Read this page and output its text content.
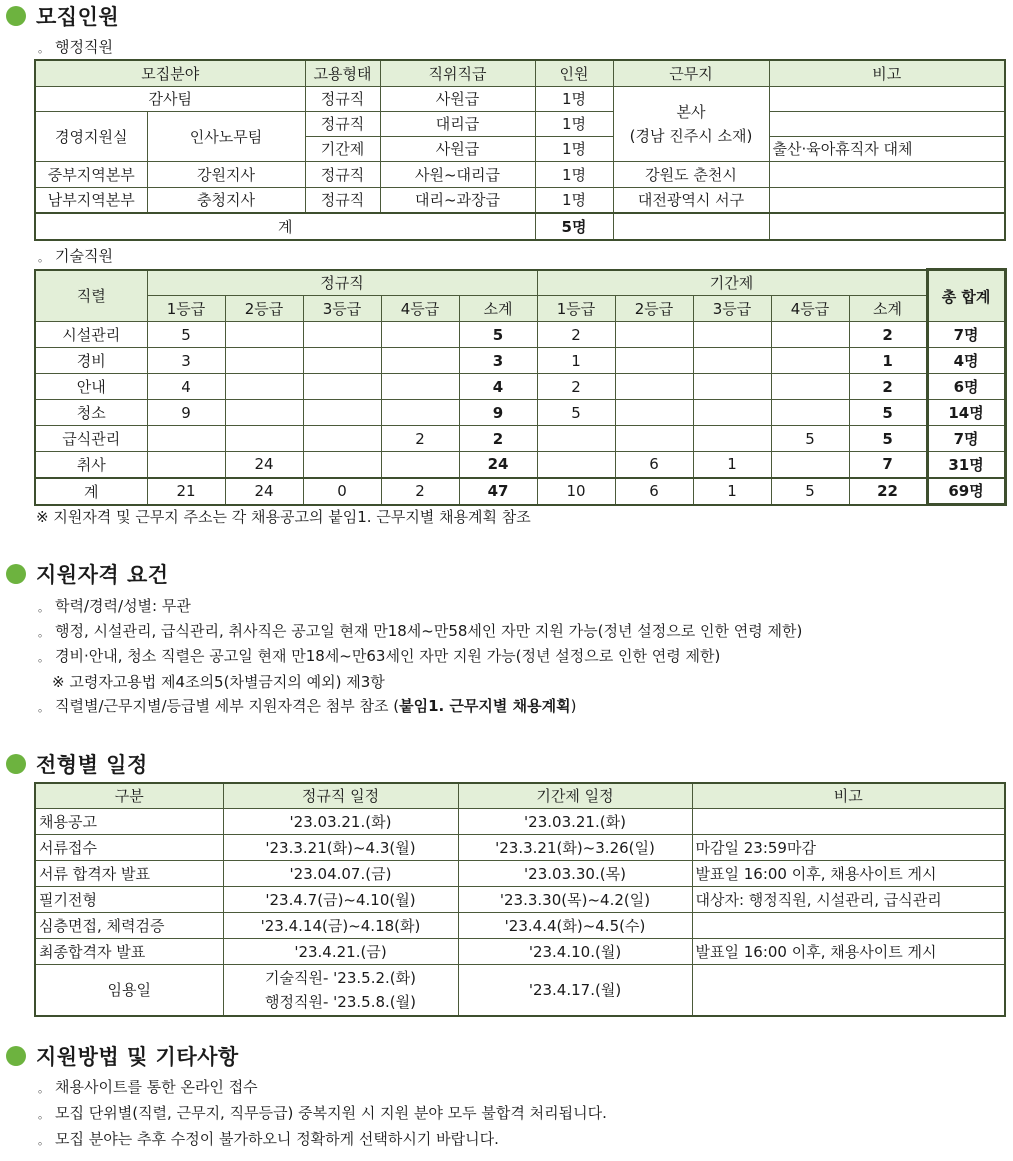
모집인원
。 행정직원
모집분야		고용형태	직위직급	인원	근무지	비고
감사팀		정규직	사원급	1명	본사
(경남 진주시 소재)	

경영지원실	인사노무팀	정규직	대리급	1명		
		기간제	사원급	1명		출산·육아휴직자 대체
중부지역본부	강원지사	정규직	사원~대리급	1명	강원도 춘천시	
남부지역본부	충청지사	정규직	대리~과장급	1명	대전광역시 서구	
계				5명		
。 기술직원
직렬	정규직					기간제					총 합계
	1등급	2등급	3등급	4등급	소계	1등급	2등급	3등급	4등급	소계	
시설관리	5				5	2				2	7명
경비	3				3	1				1	4명
안내	4				4	2				2	6명
청소	9				9	5				5	14명
급식관리				2	2				5	5	7명
취사		24			24		6	1		7	31명
계	21	24	0	2	47	10	6	1	5	22	69명
※ 지원자격 및 근무지 주소는 각 채용공고의 붙임1. 근무지별 채용계획 참조
지원자격 요건
。 학력/경력/성별: 무관
。 행정, 시설관리, 급식관리, 취사직은 공고일 현재 만18세~만58세인 자만 지원 가능(정년 설정으로 인한 연령 제한)
。 경비·안내, 청소 직렬은 공고일 현재 만18세~만63세인 자만 지원 가능(정년 설정으로 인한 연령 제한)
※ 고령자고용법 제4조의5(차별금지의 예외) 제3항
。 직렬별/근무지별/등급별 세부 지원자격은 첨부 참조 (붙임1. 근무지별 채용계획)
전형별 일정
구분	정규직 일정	기간제 일정	비고
채용공고	'23.03.21.(화)	'23.03.21.(화)	
서류접수	'23.3.21(화)~4.3(월)	'23.3.21(화)~3.26(일)	마감일 23:59마감
서류 합격자 발표	'23.04.07.(금)	'23.03.30.(목)	발표일 16:00 이후, 채용사이트 게시
필기전형	'23.4.7(금)~4.10(월)	'23.3.30(목)~4.2(일)	대상자: 행정직원, 시설관리, 급식관리
심층면접, 체력검증	'23.4.14(금)~4.18(화)	'23.4.4(화)~4.5(수)	
최종합격자 발표	'23.4.21.(금)	'23.4.10.(월)	발표일 16:00 이후, 채용사이트 게시
임용일	기술직원- '23.5.2.(화)
행정직원- '23.5.8.(월)	'23.4.17.(월)	
지원방법 및 기타사항
。 채용사이트를 통한 온라인 접수
。 모집 단위별(직렬, 근무지, 직무등급) 중복지원 시 지원 분야 모두 불합격 처리됩니다.
。 모집 분야는 추후 수정이 불가하오니 정확하게 선택하시기 바랍니다.
